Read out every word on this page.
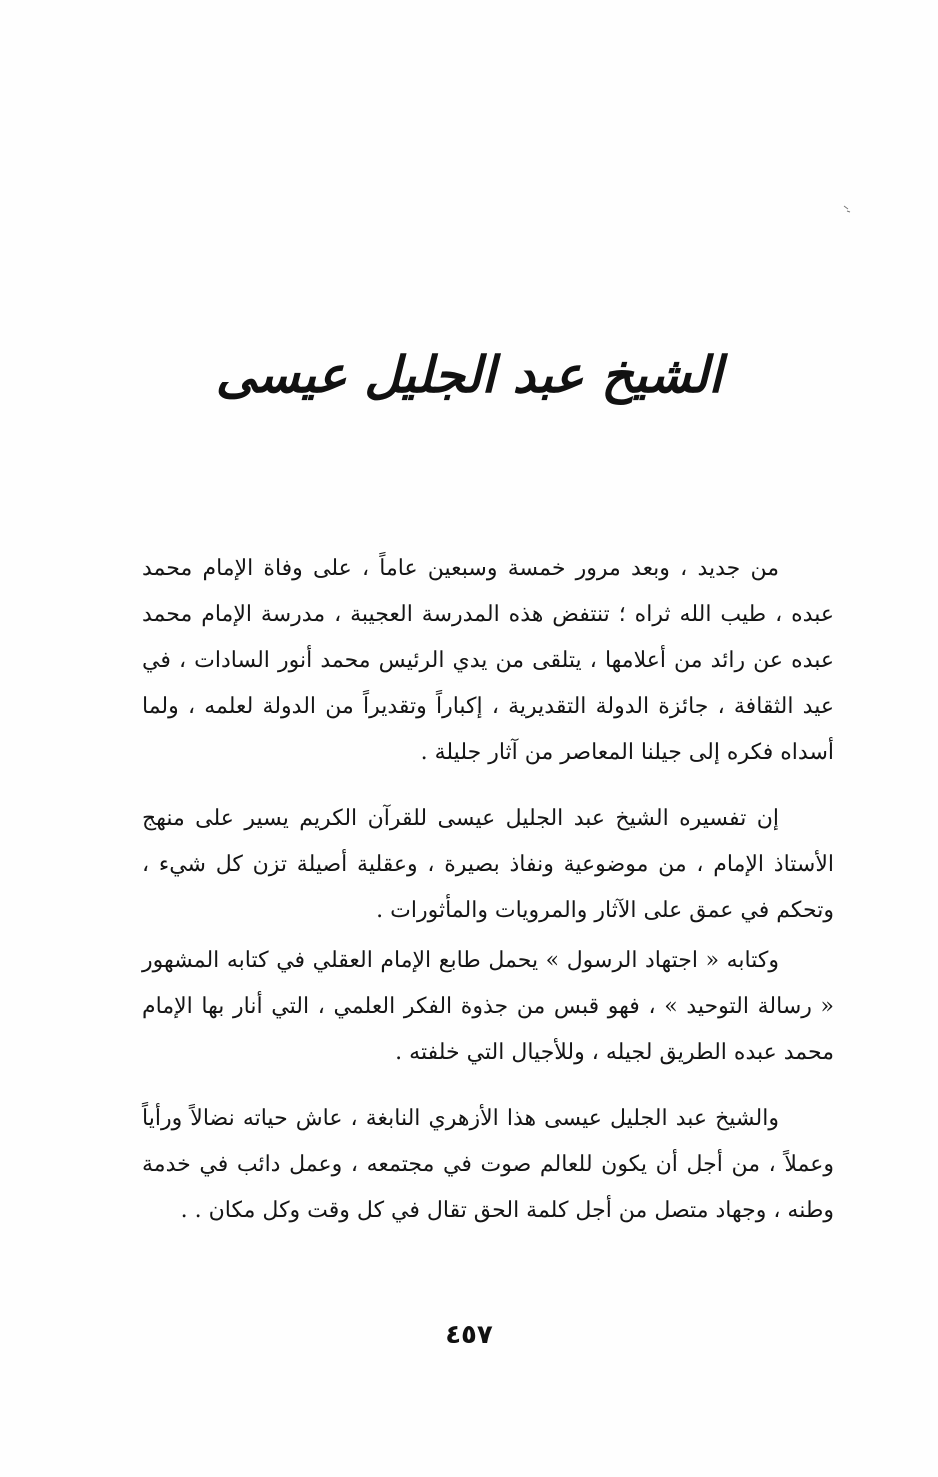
الشيخ عبد الجليل عيسى

من جديد ، وبعد مرور خمسة وسبعين عاماً ، على وفاة الإمام محمد عبده ، طيب الله ثراه ؛ تنتفض هذه المدرسة العجيبة ، مدرسة الإمام محمد عبده عن رائد من أعلامها ، يتلقى من يدي الرئيس محمد أنور السادات ، في عيد الثقافة ، جائزة الدولة التقديرية ، إكباراً وتقديراً من الدولة لعلمه ، ولما أسداه فكره إلى جيلنا المعاصر من آثار جليلة .

إن تفسيره الشيخ عبد الجليل عيسى للقرآن الكريم يسير على منهج الأستاذ الإمام ، من موضوعية ونفاذ بصيرة ، وعقلية أصيلة تزن كل شيء ، وتحكم في عمق على الآثار والمرويات والمأثورات .

وكتابه « اجتهاد الرسول » يحمل طابع الإمام العقلي في كتابه المشهور « رسالة التوحيد » ، فهو قبس من جذوة الفكر العلمي ، التي أنار بها الإمام محمد عبده الطريق لجيله ، وللأجيال التي خلفته .

والشيخ عبد الجليل عيسى هذا الأزهري النابغة ، عاش حياته نضالاً ورأياً وعملاً ، من أجل أن يكون للعالم صوت في مجتمعه ، وعمل دائب في خدمة وطنه ، وجهاد متصل من أجل كلمة الحق تقال في كل وقت وكل مكان . .

٤٥٧
